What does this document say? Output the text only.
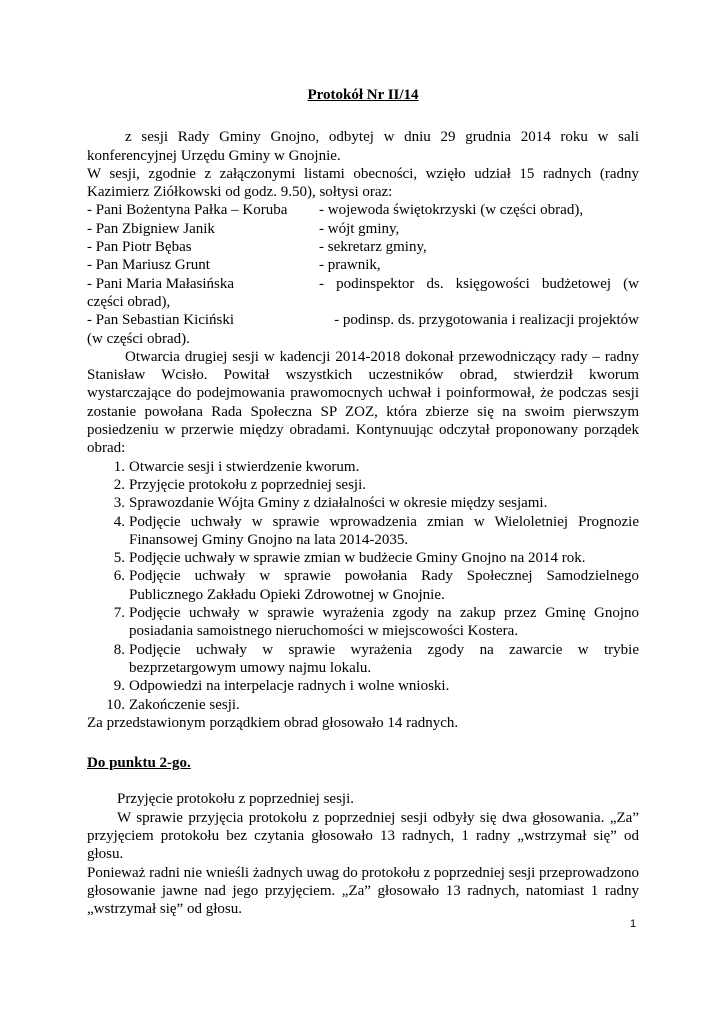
Protokół Nr II/14

z sesji Rady Gminy Gnojno, odbytej w dniu 29 grudnia 2014 roku w sali konferencyjnej Urzędu Gminy w Gnojnie.

W sesji, zgodnie z załączonymi listami obecności, wzięło udział 15 radnych (radny Kazimierz Ziółkowski od godz. 9.50), sołtysi oraz:

- Pani Bożentyna Pałka – Koruba	- wojewoda świętokrzyski (w części obrad),
- Pan Zbigniew Janik	- wójt gminy,
- Pan Piotr Bębas	- sekretarz gminy,
- Pan Mariusz Grunt	- prawnik,
- Pani Maria Małasińska	- podinspektor ds. księgowości budżetowej (w

części obrad),

- Pan Sebastian Kiciński	- podinsp. ds. przygotowania i realizacji projektów

(w części obrad).

Otwarcia drugiej sesji w kadencji 2014-2018 dokonał przewodniczący rady – radny Stanisław Wcisło. Powitał wszystkich uczestników obrad, stwierdził kworum wystarczające do podejmowania prawomocnych uchwał i poinformował, że podczas sesji zostanie powołana Rada Społeczna SP ZOZ, która zbierze się na swoim pierwszym posiedzeniu w przerwie między obradami. Kontynuując odczytał proponowany porządek obrad:

1. Otwarcie sesji i stwierdzenie kworum.
2. Przyjęcie protokołu z poprzedniej sesji.
3. Sprawozdanie Wójta Gminy z działalności w okresie między sesjami.
4. Podjęcie uchwały w sprawie wprowadzenia zmian w Wieloletniej Prognozie Finansowej Gminy Gnojno na lata 2014-2035.
5. Podjęcie uchwały w sprawie zmian w budżecie Gminy Gnojno na 2014 rok.
6. Podjęcie uchwały w sprawie powołania Rady Społecznej Samodzielnego Publicznego Zakładu Opieki Zdrowotnej w Gnojnie.
7. Podjęcie uchwały w sprawie wyrażenia zgody na zakup przez Gminę Gnojno posiadania samoistnego nieruchomości w miejscowości Kostera.
8. Podjęcie uchwały w sprawie wyrażenia zgody na zawarcie w trybie bezprzetargowym umowy najmu lokalu.
9. Odpowiedzi na interpelacje radnych i wolne wnioski.
10. Zakończenie sesji.

Za przedstawionym porządkiem obrad głosowało 14 radnych.

Do punktu 2-go.

Przyjęcie protokołu z poprzedniej sesji.

W sprawie przyjęcia protokołu z poprzedniej sesji odbyły się dwa głosowania. „Za” przyjęciem protokołu bez czytania głosowało 13 radnych, 1 radny „wstrzymał się” od głosu.

Ponieważ radni nie wnieśli żadnych uwag do protokołu z poprzedniej sesji przeprowadzono głosowanie jawne nad jego przyjęciem. „Za” głosowało 13 radnych, natomiast 1 radny „wstrzymał się” od głosu.

1
